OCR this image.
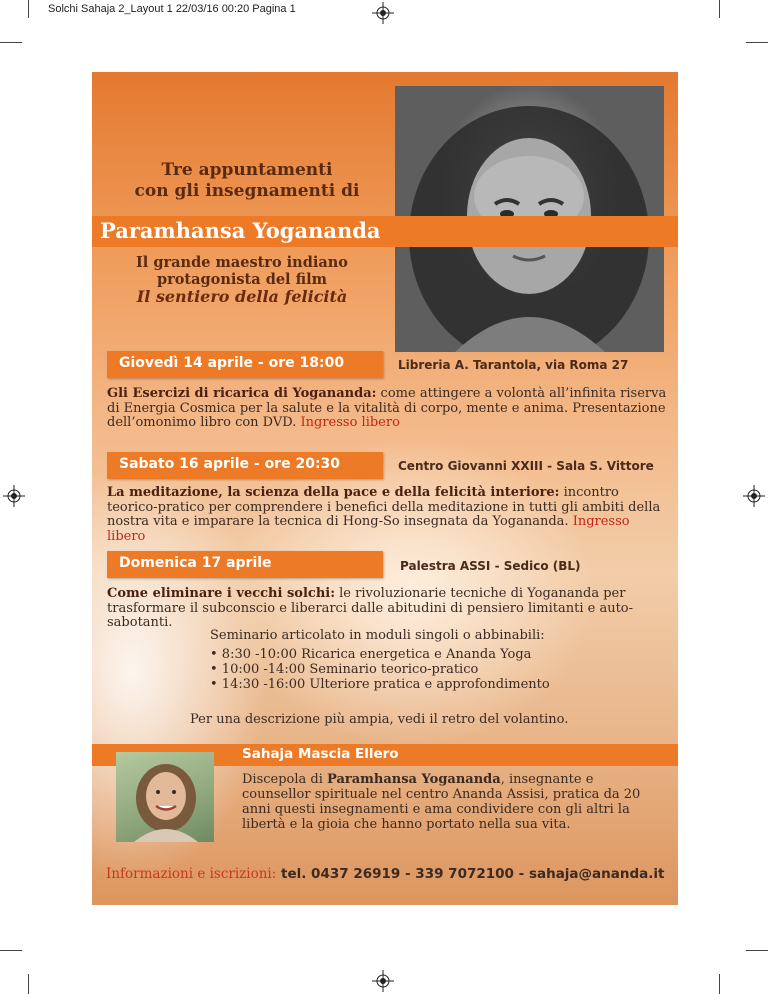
Solchi Sahaja 2_Layout 1 22/03/16 00:20 Pagina 1
Tre appuntamenti
con gli insegnamenti di
Paramhansa Yogananda
Il grande maestro indiano
protagonista del film
Il sentiero della felicità
Giovedì 14 aprile - ore 18:00	Libreria A. Tarantola, via Roma 27
Gli Esercizi di ricarica di Yogananda: come attingere a volontà all’infinita riserva di Energia Cosmica per la salute e la vitalità di corpo, mente e anima. Presentazione dell’omonimo libro con DVD. Ingresso libero
Sabato 16 aprile - ore 20:30	Centro Giovanni XXIII - Sala S. Vittore
La meditazione, la scienza della pace e della felicità interiore: incontro teorico-pratico per comprendere i benefici della meditazione in tutti gli ambiti della nostra vita e imparare la tecnica di Hong-So insegnata da Yogananda. Ingresso libero
Domenica 17 aprile	Palestra ASSI - Sedico (BL)
Come eliminare i vecchi solchi: le rivoluzionarie tecniche di Yogananda per trasformare il subconscio e liberarci dalle abitudini di pensiero limitanti e auto-sabotanti.
Seminario articolato in moduli singoli o abbinabili:
• 8:30 -10:00 Ricarica energetica e Ananda Yoga
• 10:00 -14:00 Seminario teorico-pratico
• 14:30 -16:00 Ulteriore pratica e approfondimento
Per una descrizione più ampia, vedi il retro del volantino.
Sahaja Mascia Ellero
Discepola di Paramhansa Yogananda, insegnante e counsellor spirituale nel centro Ananda Assisi, pratica da 20 anni questi insegnamenti e ama condividere con gli altri la libertà e la gioia che hanno portato nella sua vita.
Informazioni e iscrizioni: tel. 0437 26919 - 339 7072100 - sahaja@ananda.it
